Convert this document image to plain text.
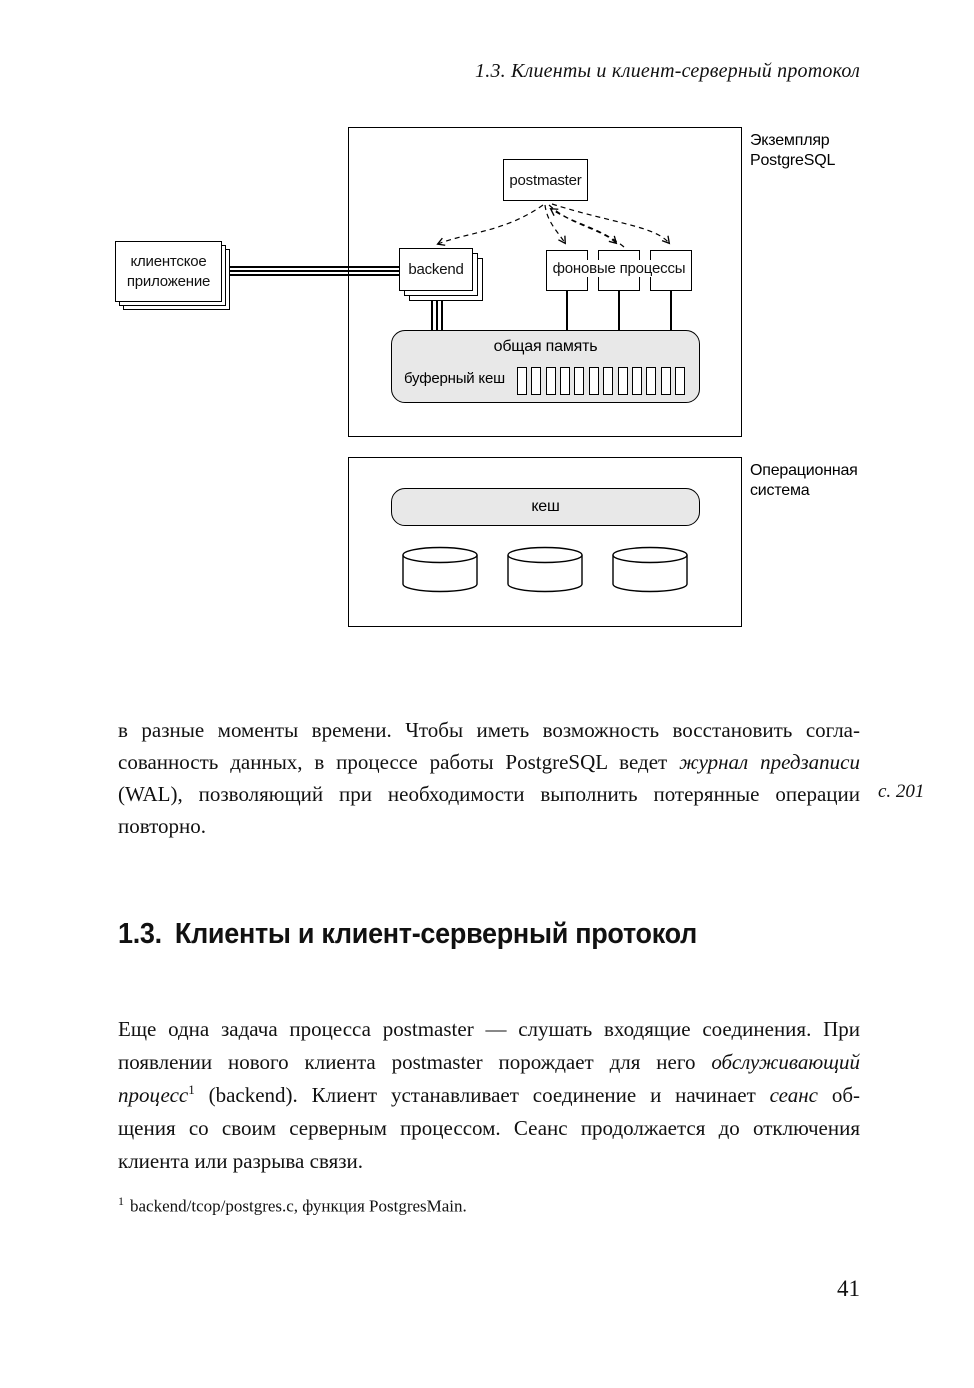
1.3. Клиенты и клиент-серверный протокол
общая память
буферный кеш
кеш
postmaster
backend	фоновые процессы
клиентское
приложение
Экземпляр
PostgreSQL
Операционная
система
в разные моменты времени. Чтобы иметь возможность восстановить согла-
сованность данных, в процессе работы PostgreSQL ведет журнал предзаписи
(WAL), позволяющий при необходимости выполнить потерянные операции
повторно.
с. 201
1.3. Клиенты и клиент-серверный протокол
Еще одна задача процесса postmaster — слушать входящие соединения. При
появлении нового клиента postmaster порождает для него обслуживающий
процесс$^1$ (backend). Клиент устанавливает соединение и начинает сеанс об-
щения со своим серверным процессом. Сеанс продолжается до отключения
клиента или разрыва связи.
$^1$ backend/tcop/postgres.c, функция PostgresMain.
41
